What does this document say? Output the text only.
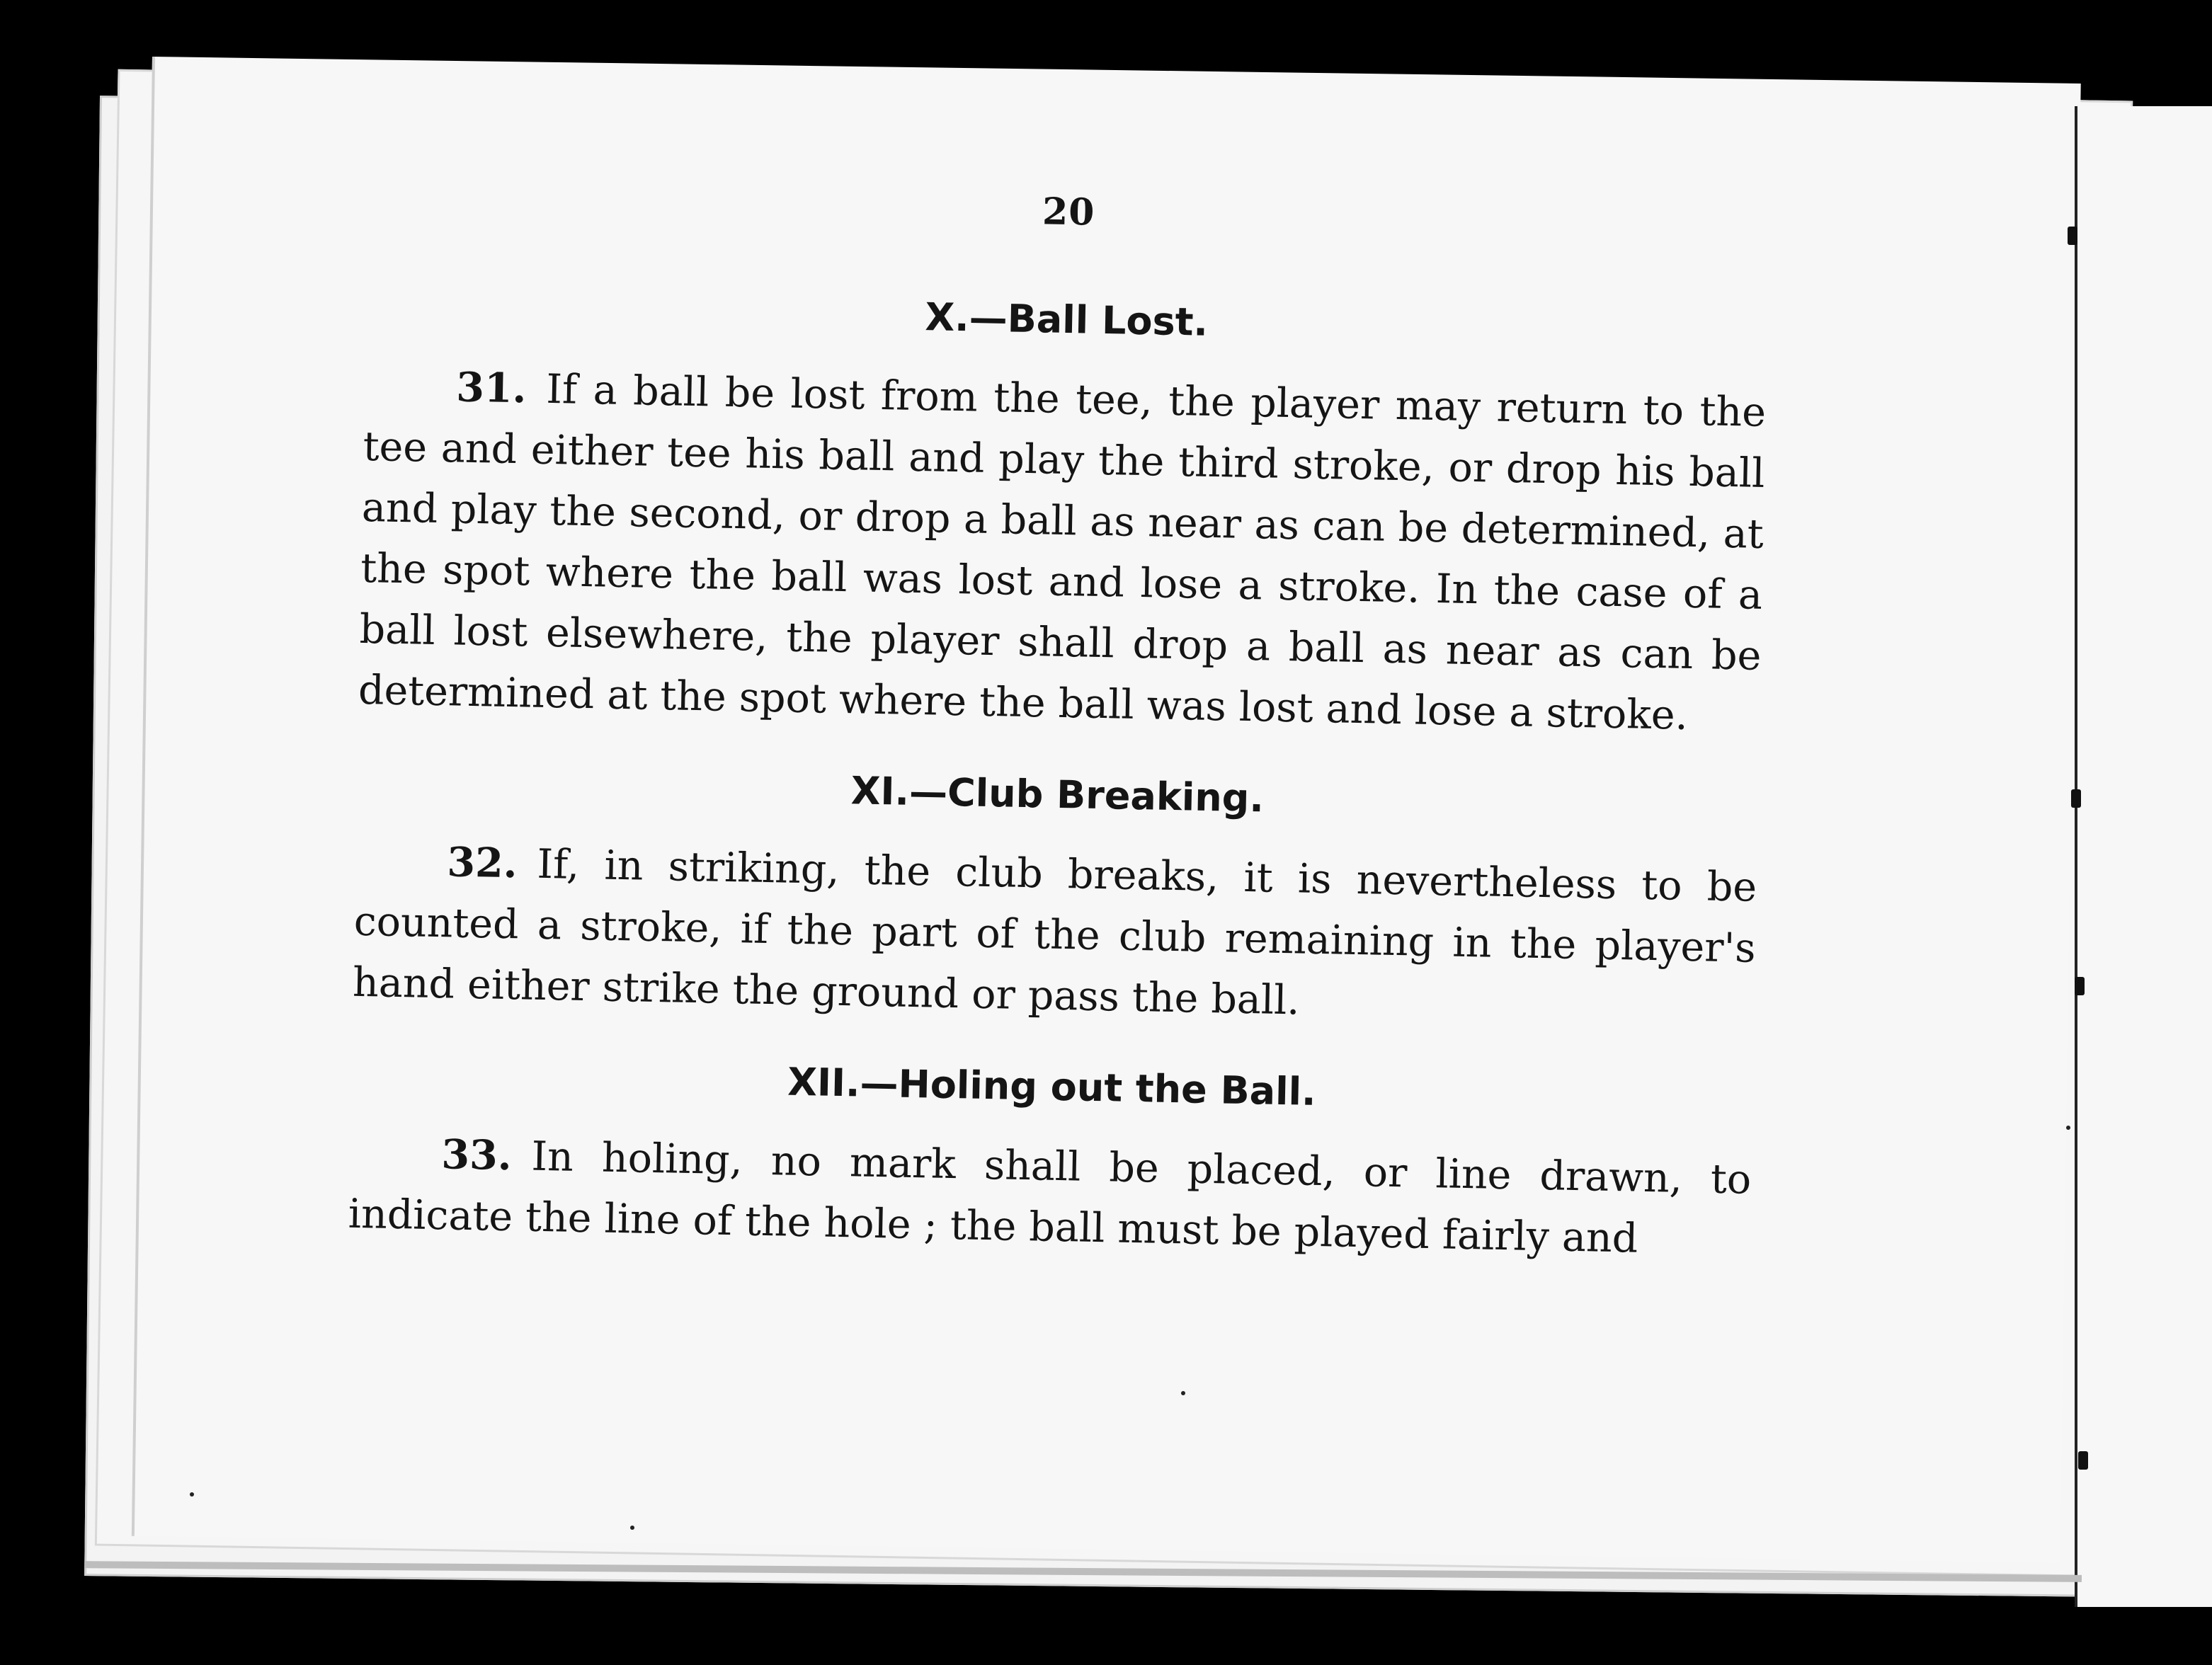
20
X.—Ball Lost.

31. If a ball be lost from the tee, the player may return to the tee and either tee his ball and play the third stroke, or drop his ball and play the second, or drop a ball as near as can be determined, at the spot where the ball was lost and lose a stroke. In the case of a ball lost elsewhere, the player shall drop a ball as near as can be determined at the spot where the ball was lost and lose a stroke.

XI.—Club Breaking.

32. If, in striking, the club breaks, it is nevertheless to be counted a stroke, if the part of the club remaining in the player's hand either strike the ground or pass the ball.

XII.—Holing out the Ball.

33. In holing, no mark shall be placed, or line drawn, to indicate the line of the hole ; the ball must be played fairly and
